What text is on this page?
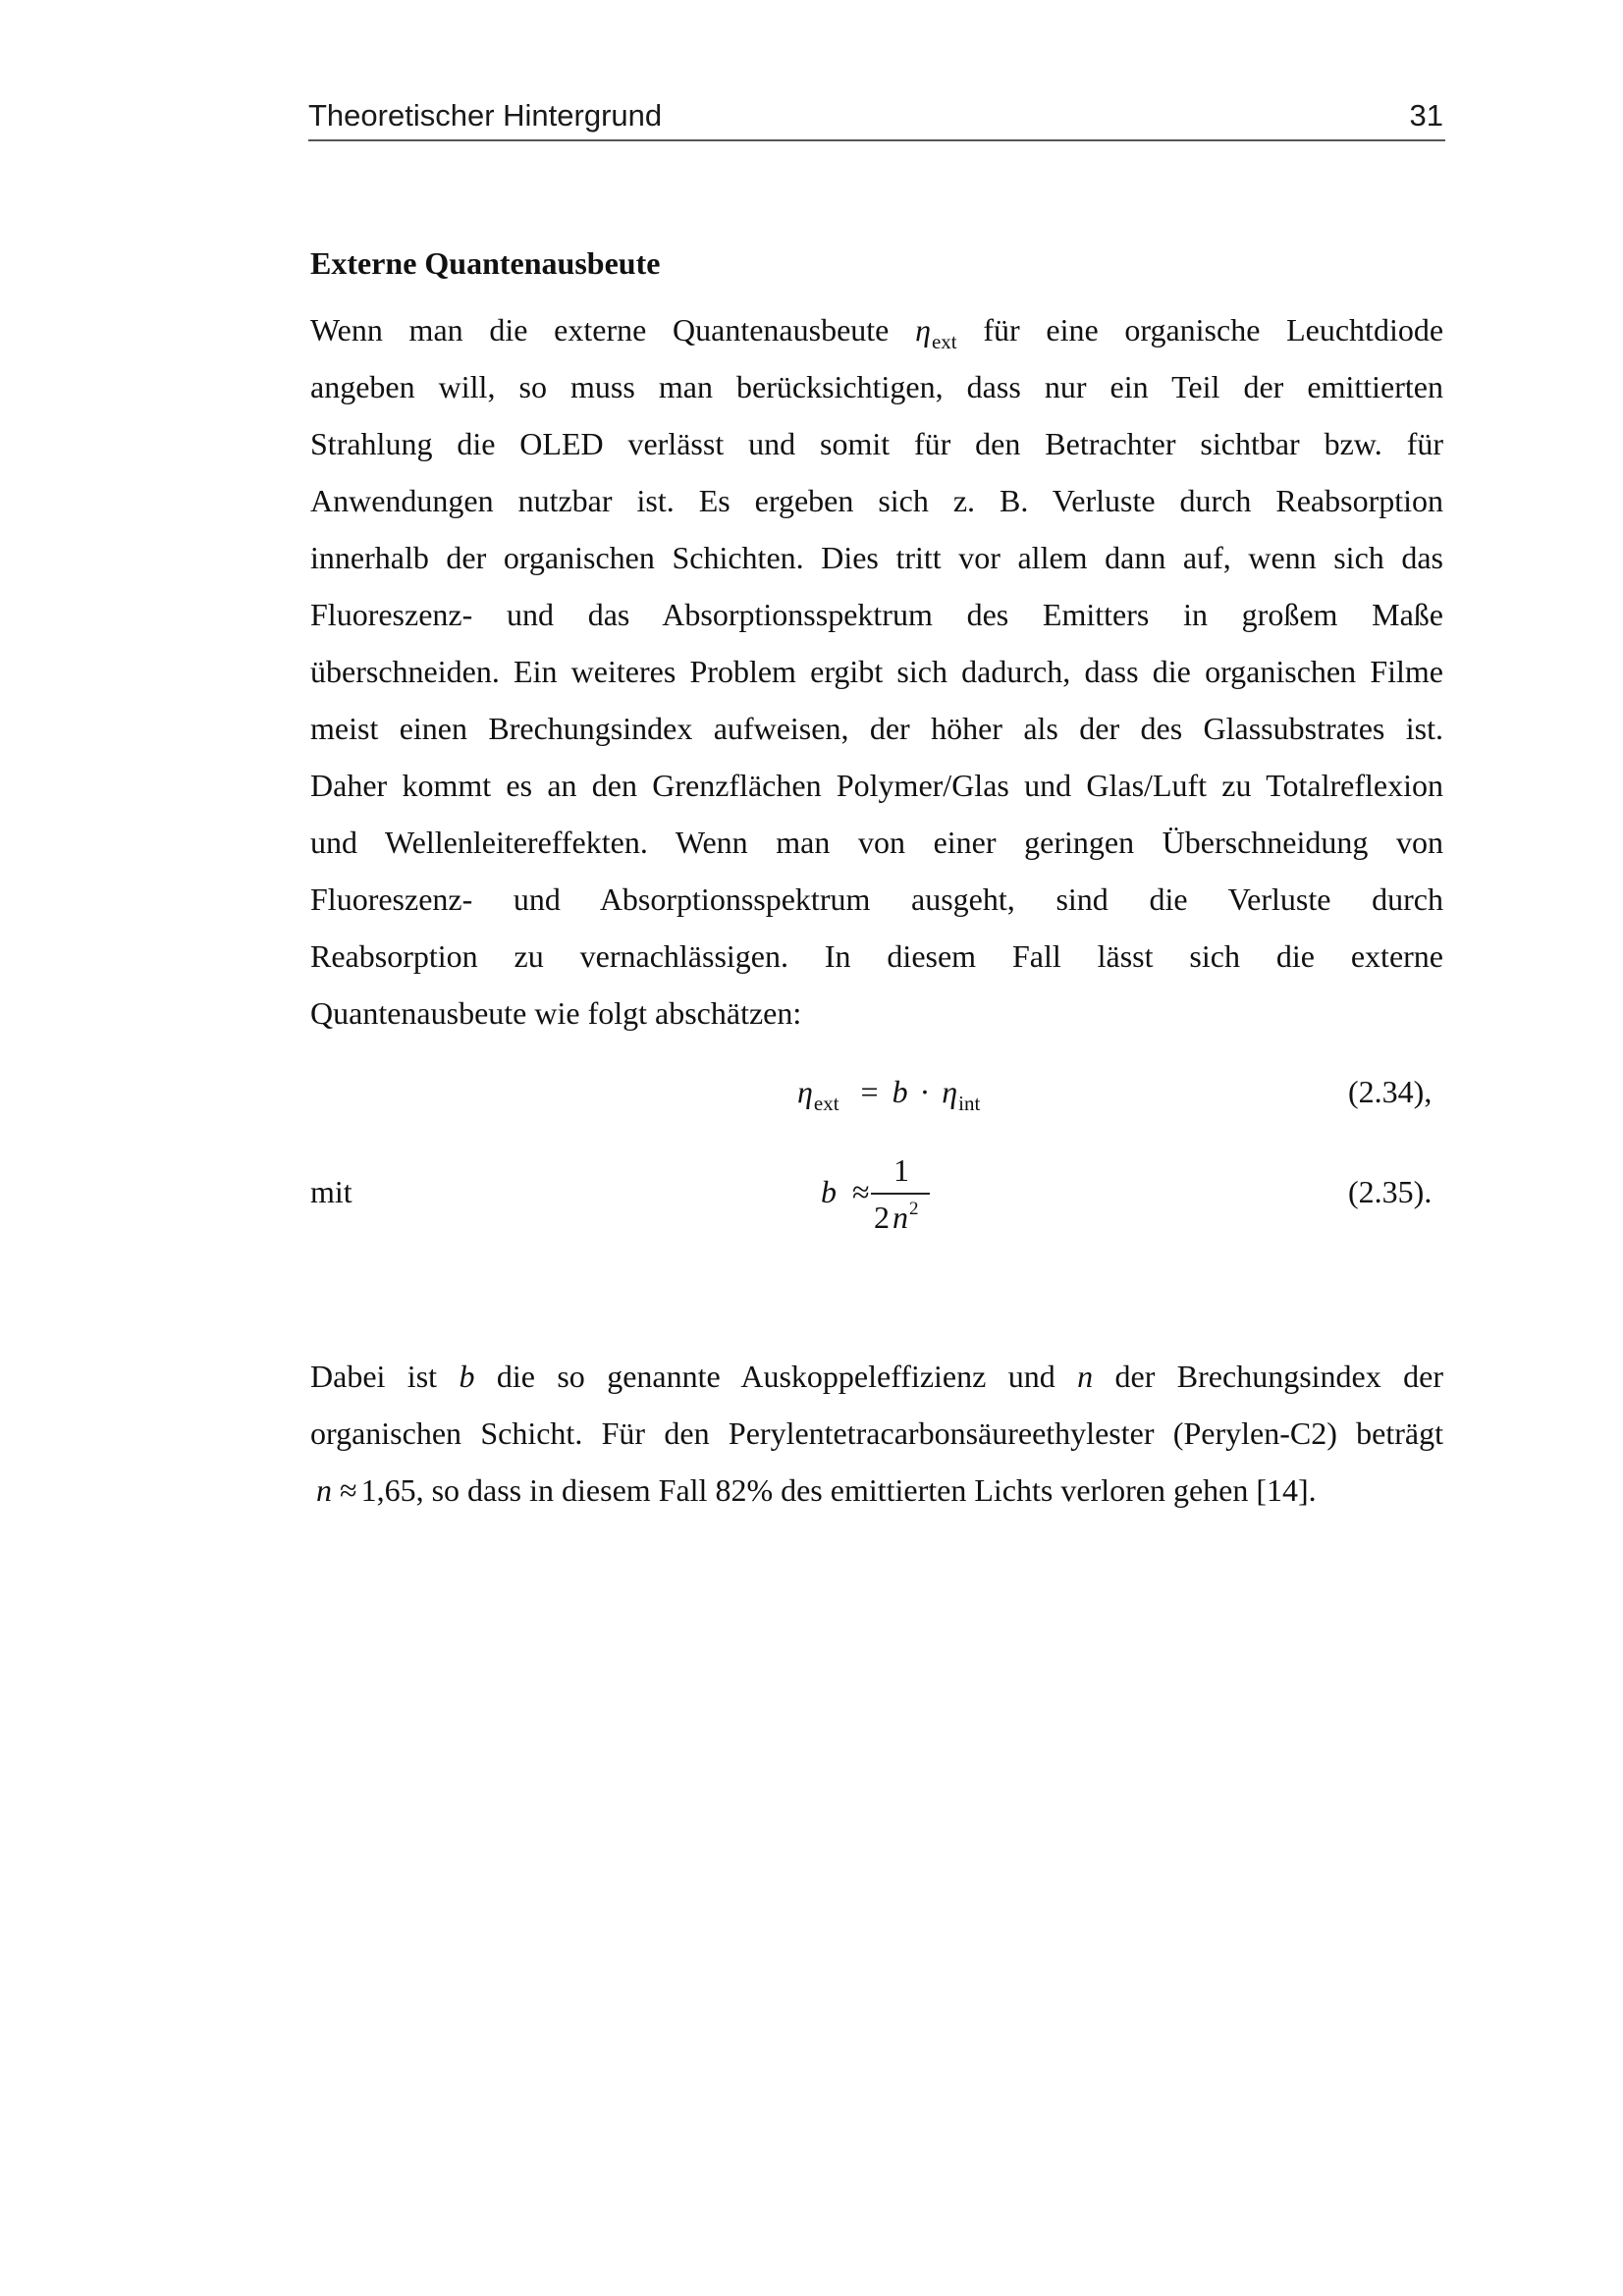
Theoretischer Hintergrund	31
Externe Quantenausbeute
Wenn man die externe Quantenausbeute $\eta_{ext}$ für eine organische Leuchtdiode
angeben will, so muss man berücksichtigen, dass nur ein Teil der emittierten
Strahlung die OLED verlässt und somit für den Betrachter sichtbar bzw. für
Anwendungen nutzbar ist. Es ergeben sich z. B. Verluste durch Reabsorption
innerhalb der organischen Schichten. Dies tritt vor allem dann auf, wenn sich das
Fluoreszenz- und das Absorptionsspektrum des Emitters in großem Maße
überschneiden. Ein weiteres Problem ergibt sich dadurch, dass die organischen Filme
meist einen Brechungsindex aufweisen, der höher als der des Glassubstrates ist.
Daher kommt es an den Grenzflächen Polymer/Glas und Glas/Luft zu Totalreflexion
und Wellenleitereffekten. Wenn man von einer geringen Überschneidung von
Fluoreszenz- und Absorptionsspektrum ausgeht, sind die Verluste durch
Reabsorption zu vernachlässigen. In diesem Fall lässt sich die externe
Quantenausbeute wie folgt abschätzen:
$\eta_{ext} = b \cdot \eta_{int}$	(2.34),
mit	b ≈
1
$2n^2$	(2.35).
Dabei ist b die so genannte Auskoppeleffizienz und n der Brechungsindex der
organischen Schicht. Für den Perylentetracarbonsäureethylester (Perylen-C2) beträgt
n ≈ 1,65, so dass in diesem Fall 82% des emittierten Lichts verloren gehen [14].
